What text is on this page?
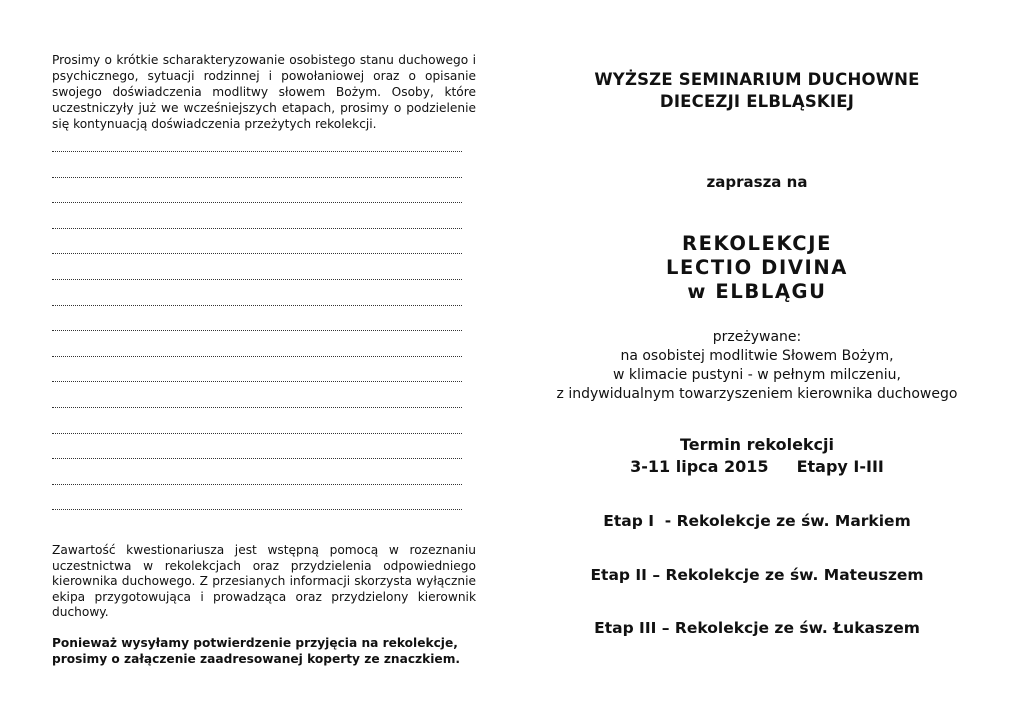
Prosimy o krótkie scharakteryzowanie osobistego stanu duchowego i psychicznego, sytuacji rodzinnej i powołaniowej oraz o opisanie swojego doświadczenia modlitwy słowem Bożym. Osoby, które uczestniczyły już we wcześniejszych etapach, prosimy o podzielenie się kontynuacją doświadczenia przeżytych rekolekcji.

Zawartość kwestionariusza jest wstępną pomocą w rozeznaniu uczestnictwa w rekolekcjach oraz przydzielenia odpowiedniego kierownika duchowego. Z przesianych informacji skorzysta wyłącznie ekipa przygotowująca i prowadząca oraz przydzielony kierownik duchowy.

Ponieważ wysyłamy potwierdzenie przyjęcia na rekolekcje,
prosimy o załączenie zaadresowanej koperty ze znaczkiem.

WYŻSZE SEMINARIUM DUCHOWNE
DIECEZJI ELBLĄSKIEJ
zaprasza na
REKOLEKCJE
LECTIO DIVINA
w ELBLĄGU
przeżywane:
na osobistej modlitwie Słowem Bożym,
w klimacie pustyni - w pełnym milczeniu,
z indywidualnym towarzyszeniem kierownika duchowego
Termin rekolekcji
3-11 lipca 2015 Etapy I-III
Etap I  - Rekolekcje ze św. Markiem
Etap II – Rekolekcje ze św. Mateuszem
Etap III – Rekolekcje ze św. Łukaszem
